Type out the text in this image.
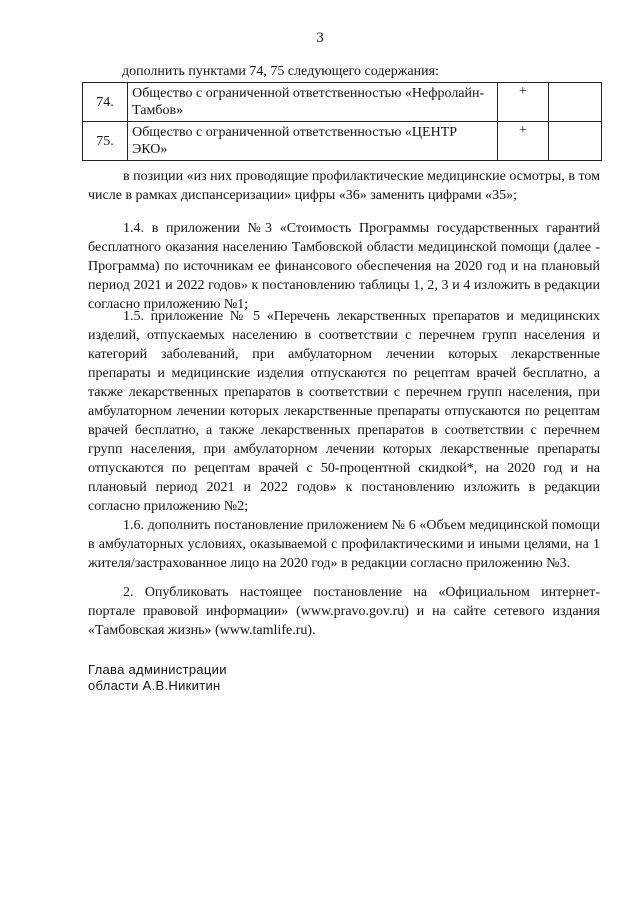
3
дополнить пунктами 74, 75 следующего содержания:
74.	Общество с ограниченной ответственностью «Нефролайн-Тамбов»	+	
75.	Общество с ограниченной ответственностью «ЦЕНТР ЭКО»	+	
в позиции «из них проводящие профилактические медицинские осмотры, в том числе в рамках диспансеризации» цифры «36» заменить цифрами «35»;
1.4. в приложении №3 «Стоимость Программы государственных гарантий бесплатного оказания населению Тамбовской области медицинской помощи (далее - Программа) по источникам ее финансового обеспечения на 2020 год и на плановый период 2021 и 2022 годов» к постановлению таблицы 1, 2, 3 и 4 изложить в редакции согласно приложению №1;
1.5. приложение № 5 «Перечень лекарственных препаратов и медицинских изделий, отпускаемых населению в соответствии с перечнем групп населения и категорий заболеваний, при амбулаторном лечении которых лекарственные препараты и медицинские изделия отпускаются по рецептам врачей бесплатно, а также лекарственных препаратов в соответствии с перечнем групп населения, при амбулаторном лечении которых лекарственные препараты отпускаются по рецептам врачей бесплатно, а также лекарственных препаратов в соответствии с перечнем групп населения, при амбулаторном лечении которых лекарственные препараты отпускаются по рецептам врачей с 50-процентной скидкой*, на 2020 год и на плановый период 2021 и 2022 годов» к постановлению изложить в редакции согласно приложению №2;
1.6. дополнить постановление приложением № 6 «Объем медицинской помощи в амбулаторных условиях, оказываемой с профилактическими и иными целями, на 1 жителя/застрахованное лицо на 2020 год» в редакции согласно приложению №3.
2. Опубликовать настоящее постановление на «Официальном интернет-портале правовой информации» (www.pravo.gov.ru) и на сайте сетевого издания «Тамбовская жизнь» (www.tamlife.ru).
Глава администрации
области А.В.Никитин
